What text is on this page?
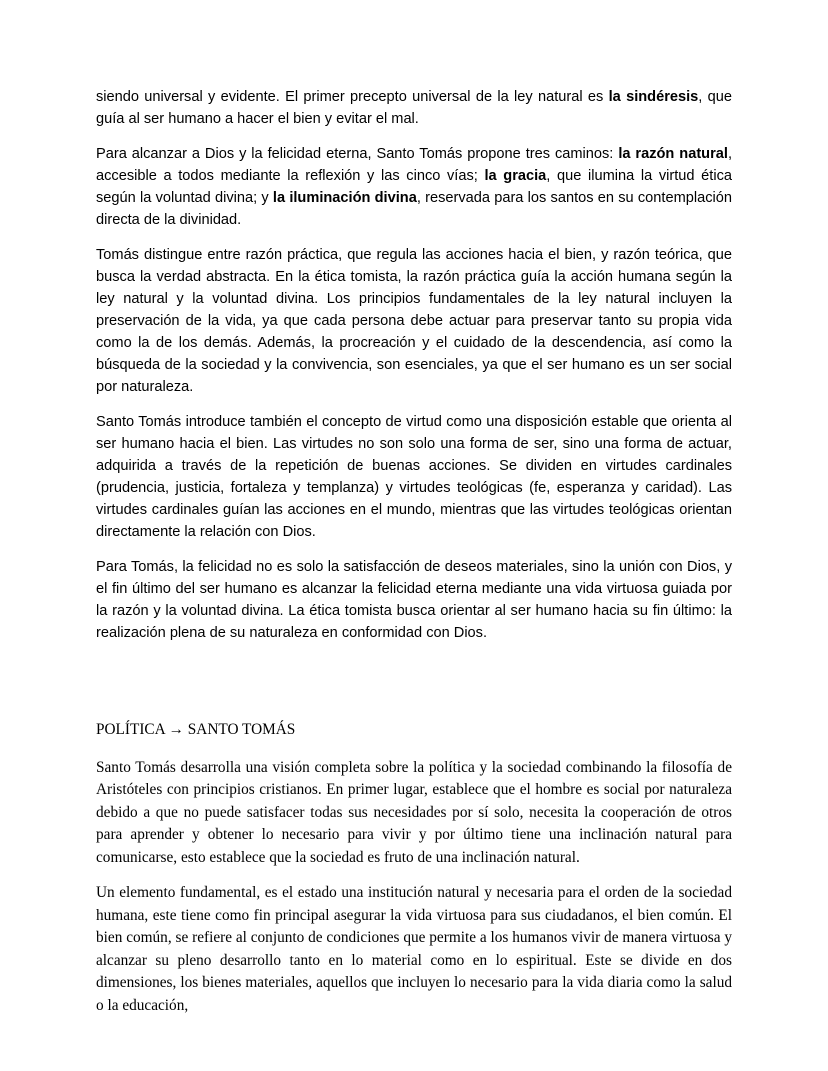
siendo universal y evidente. El primer precepto universal de la ley natural es la sindéresis, que guía al ser humano a hacer el bien y evitar el mal.

Para alcanzar a Dios y la felicidad eterna, Santo Tomás propone tres caminos: la razón natural, accesible a todos mediante la reflexión y las cinco vías; la gracia, que ilumina la virtud ética según la voluntad divina; y la iluminación divina, reservada para los santos en su contemplación directa de la divinidad.

Tomás distingue entre razón práctica, que regula las acciones hacia el bien, y razón teórica, que busca la verdad abstracta. En la ética tomista, la razón práctica guía la acción humana según la ley natural y la voluntad divina. Los principios fundamentales de la ley natural incluyen la preservación de la vida, ya que cada persona debe actuar para preservar tanto su propia vida como la de los demás. Además, la procreación y el cuidado de la descendencia, así como la búsqueda de la sociedad y la convivencia, son esenciales, ya que el ser humano es un ser social por naturaleza.

Santo Tomás introduce también el concepto de virtud como una disposición estable que orienta al ser humano hacia el bien. Las virtudes no son solo una forma de ser, sino una forma de actuar, adquirida a través de la repetición de buenas acciones. Se dividen en virtudes cardinales (prudencia, justicia, fortaleza y templanza) y virtudes teológicas (fe, esperanza y caridad). Las virtudes cardinales guían las acciones en el mundo, mientras que las virtudes teológicas orientan directamente la relación con Dios.

Para Tomás, la felicidad no es solo la satisfacción de deseos materiales, sino la unión con Dios, y el fin último del ser humano es alcanzar la felicidad eterna mediante una vida virtuosa guiada por la razón y la voluntad divina. La ética tomista busca orientar al ser humano hacia su fin último: la realización plena de su naturaleza en conformidad con Dios.

POLÍTICA → SANTO TOMÁS

Santo Tomás desarrolla una visión completa sobre la política y la sociedad combinando la filosofía de Aristóteles con principios cristianos. En primer lugar, establece que el hombre es social por naturaleza debido a que no puede satisfacer todas sus necesidades por sí solo, necesita la cooperación de otros para aprender y obtener lo necesario para vivir y por último tiene una inclinación natural para comunicarse, esto establece que la sociedad es fruto de una inclinación natural.

Un elemento fundamental, es el estado una institución natural y necesaria para el orden de la sociedad humana, este tiene como fin principal asegurar la vida virtuosa para sus ciudadanos, el bien común. El bien común, se refiere al conjunto de condiciones que permite a los humanos vivir de manera virtuosa y alcanzar su pleno desarrollo tanto en lo material como en lo espiritual. Este se divide en dos dimensiones, los bienes materiales, aquellos que incluyen lo necesario para la vida diaria como la salud o la educación,
